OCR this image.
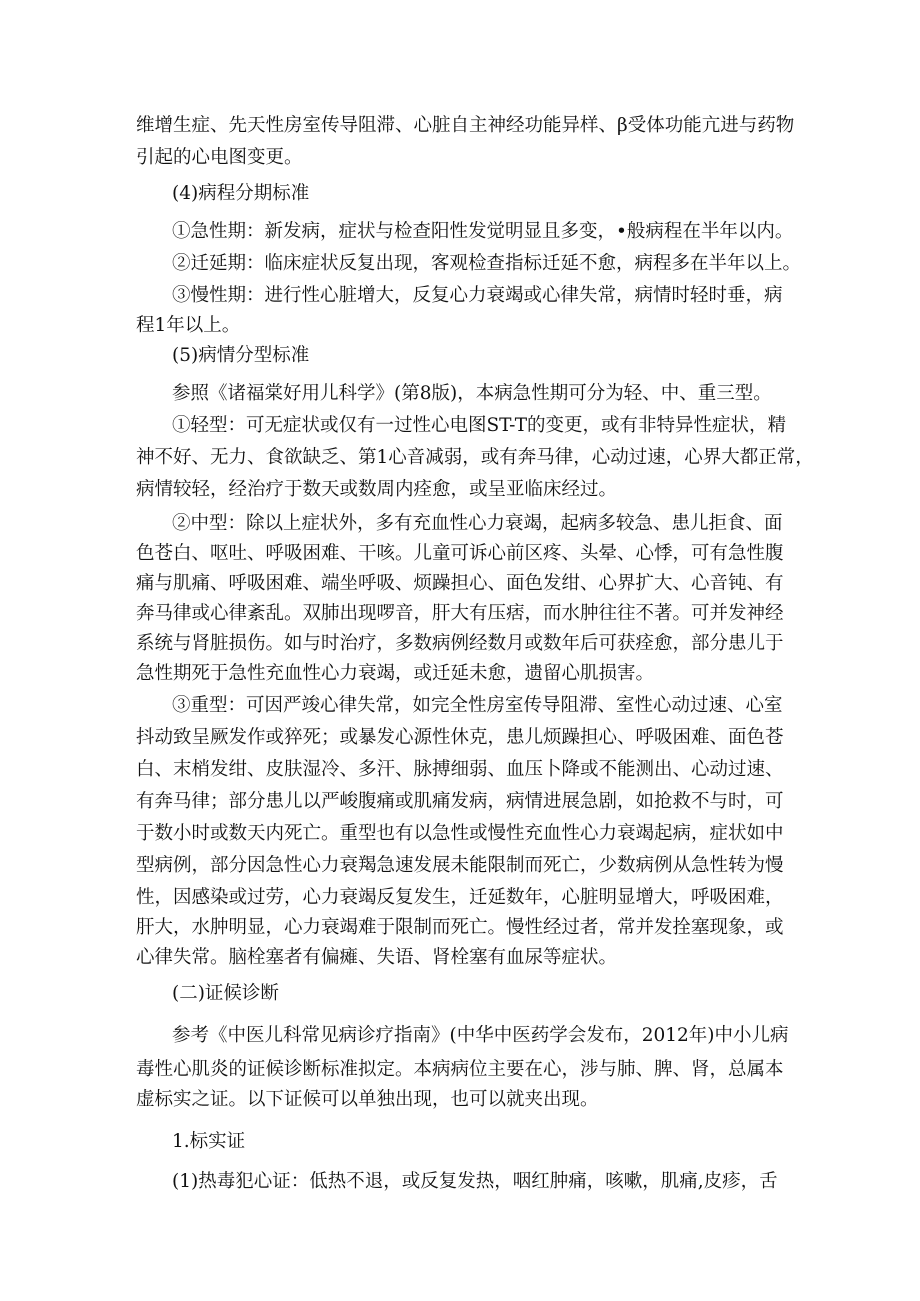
维增生症、先天性房室传导阻滞、心脏自主神经功能异样、β受体功能亢进与药物
引起的心电图变更。
(4)病程分期标准
①急性期：新发病，症状与检查阳性发觉明显且多变，•般病程在半年以内。
②迁延期：临床症状反复出现，客观检查指标迁延不愈，病程多在半年以上。
③慢性期：进行性心脏增大，反复心力衰竭或心律失常，病情时轻时垂，病
程1年以上。
(5)病情分型标准
参照《诸福棠好用儿科学》(第8版)，本病急性期可分为轻、中、重三型。
①轻型：可无症状或仅有一过性心电图ST-T的变更，或有非特异性症状，精
神不好、无力、食欲缺乏、第1心音减弱，或有奔马律，心动过速，心界大都正常，
病情较轻，经治疗于数天或数周内痊愈，或呈亚临床经过。
②中型：除以上症状外，多有充血性心力衰竭，起病多较急、患儿拒食、面
色苍白、呕吐、呼吸困难、干咳。儿童可诉心前区疼、头晕、心悸，可有急性腹
痛与肌痛、呼吸困难、端坐呼吸、烦躁担心、面色发绀、心界扩大、心音钝、有
奔马律或心律紊乱。双肺出现啰音，肝大有压痞，而水肿往往不著。可并发神经
系统与肾脏损伤。如与时治疗，多数病例经数月或数年后可获痊愈，部分患儿于
急性期死于急性充血性心力衰竭，或迁延未愈，遗留心肌损害。
③重型：可因严竣心律失常，如完全性房室传导阻滞、室性心动过速、心室
抖动致呈厥发作或猝死；或暴发心源性休克，患儿烦躁担心、呼吸困难、面色苍
白、末梢发绀、皮肤湿冷、多汗、脉搏细弱、血压卜降或不能测出、心动过速、
有奔马律；部分患儿以严峻腹痛或肌痛发病，病情进展急剧，如抢救不与时，可
于数小时或数天内死亡。重型也有以急性或慢性充血性心力衰竭起病，症状如中
型病例，部分因急性心力衰羯急速发展未能限制而死亡，少数病例从急性转为慢
性，因感染或过劳，心力衰竭反复发生，迁延数年，心脏明显增大，呼吸困难，
肝大，水肿明显，心力衰竭难于限制而死亡。慢性经过者，常并发拴塞现象，或
心律失常。脑栓塞者有偏瘫、失语、肾栓塞有血尿等症状。
(二)证候诊断
参考《中医儿科常见病诊疗指南》(中华中医药学会发布，2012年)中小儿病
毒性心肌炎的证候诊断标准拟定。本病病位主要在心，涉与肺、脾、肾，总属本
虚标实之证。以下证候可以单独出现，也可以就夹出现。
1.标实证
(1)热毒犯心证：低热不退，或反复发热，咽红肿痛，咳嗽，肌痛,皮疹，舌
